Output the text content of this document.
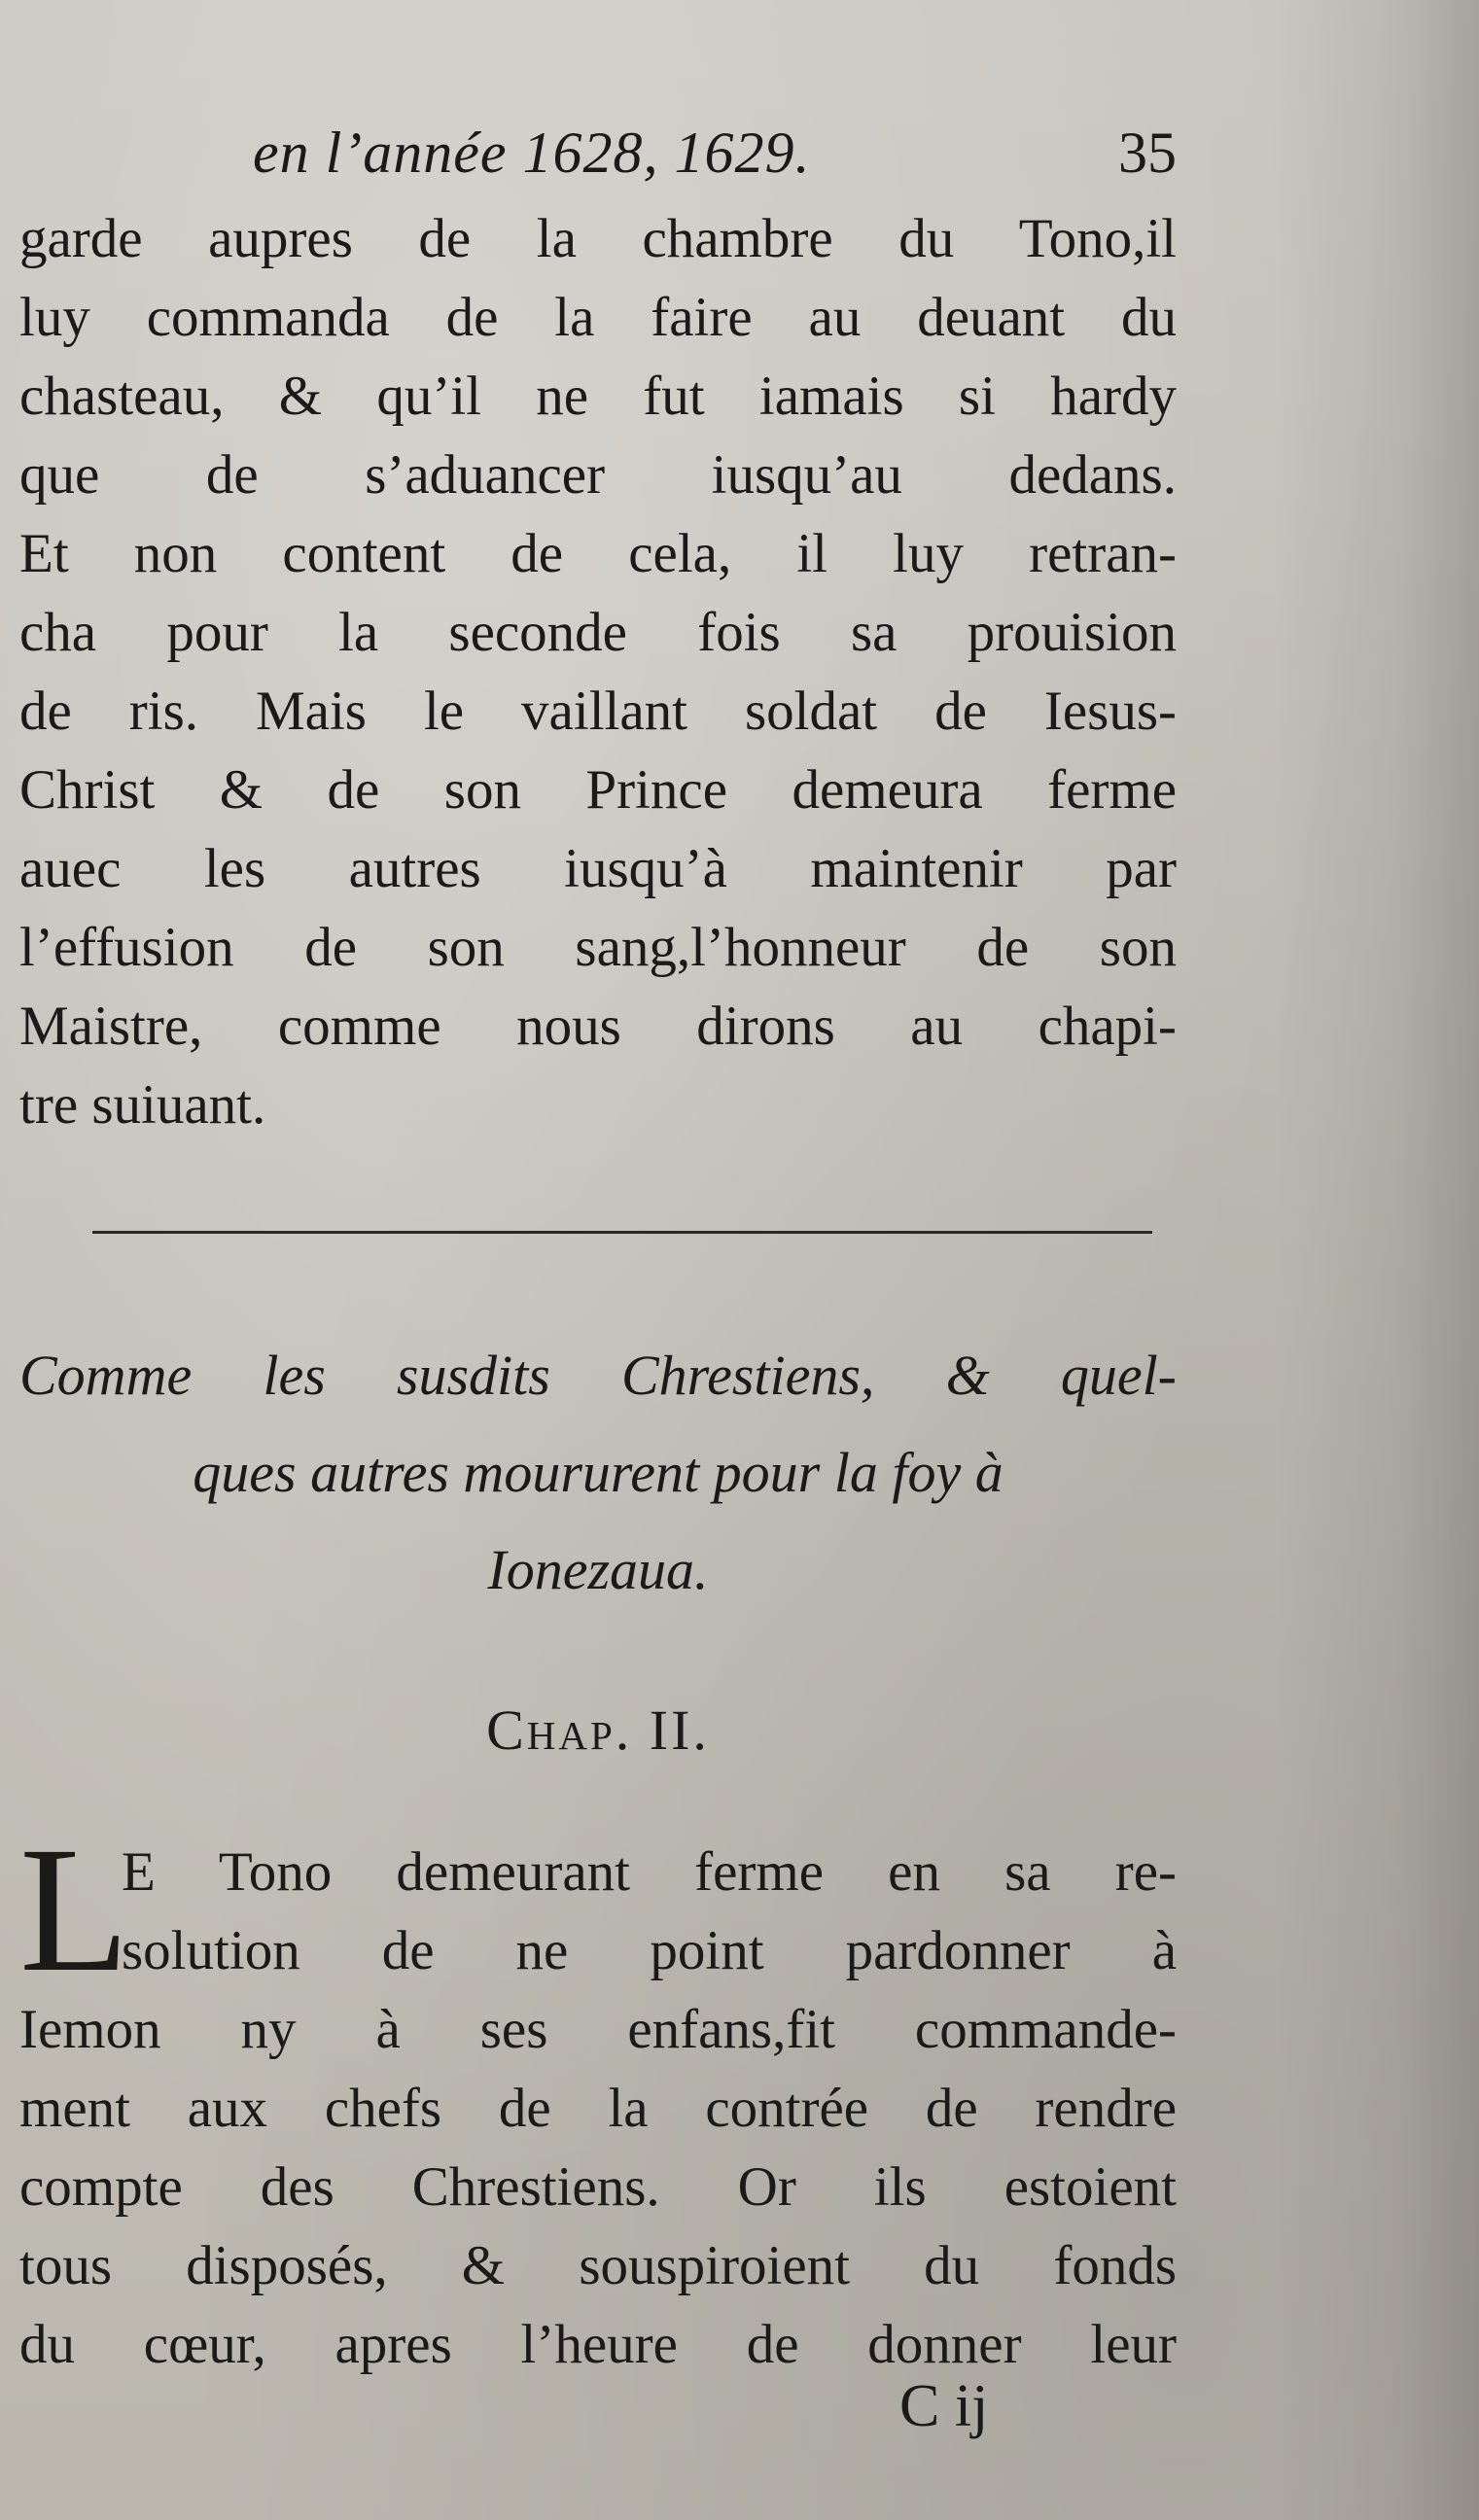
en l’année 1628, 1629.	35
garde aupres de la chambre du Tono,il
luy commanda de la faire au deuant du
chasteau, & qu’il ne fut iamais si hardy
que de s’aduancer iusqu’au dedans.
Et non content de cela, il luy retran-
cha pour la seconde fois sa prouision
de ris. Mais le vaillant soldat de Iesus-
Christ & de son Prince demeura ferme
auec les autres iusqu’à maintenir par
l’effusion de son sang,l’honneur de son
Maistre, comme nous dirons au chapi-
tre suiuant.
Comme les susdits Chrestiens, & quel-
ques autres moururent pour la foy à
Ionezaua.
Chap. II.
L
E Tono demeurant ferme en sa re-
solution de ne point pardonner à
Iemon ny à ses enfans,fit commande-
ment aux chefs de la contrée de rendre
compte des Chrestiens. Or ils estoient
tous disposés, & souspiroient du fonds
du cœur, apres l’heure de donner leur
C ij
